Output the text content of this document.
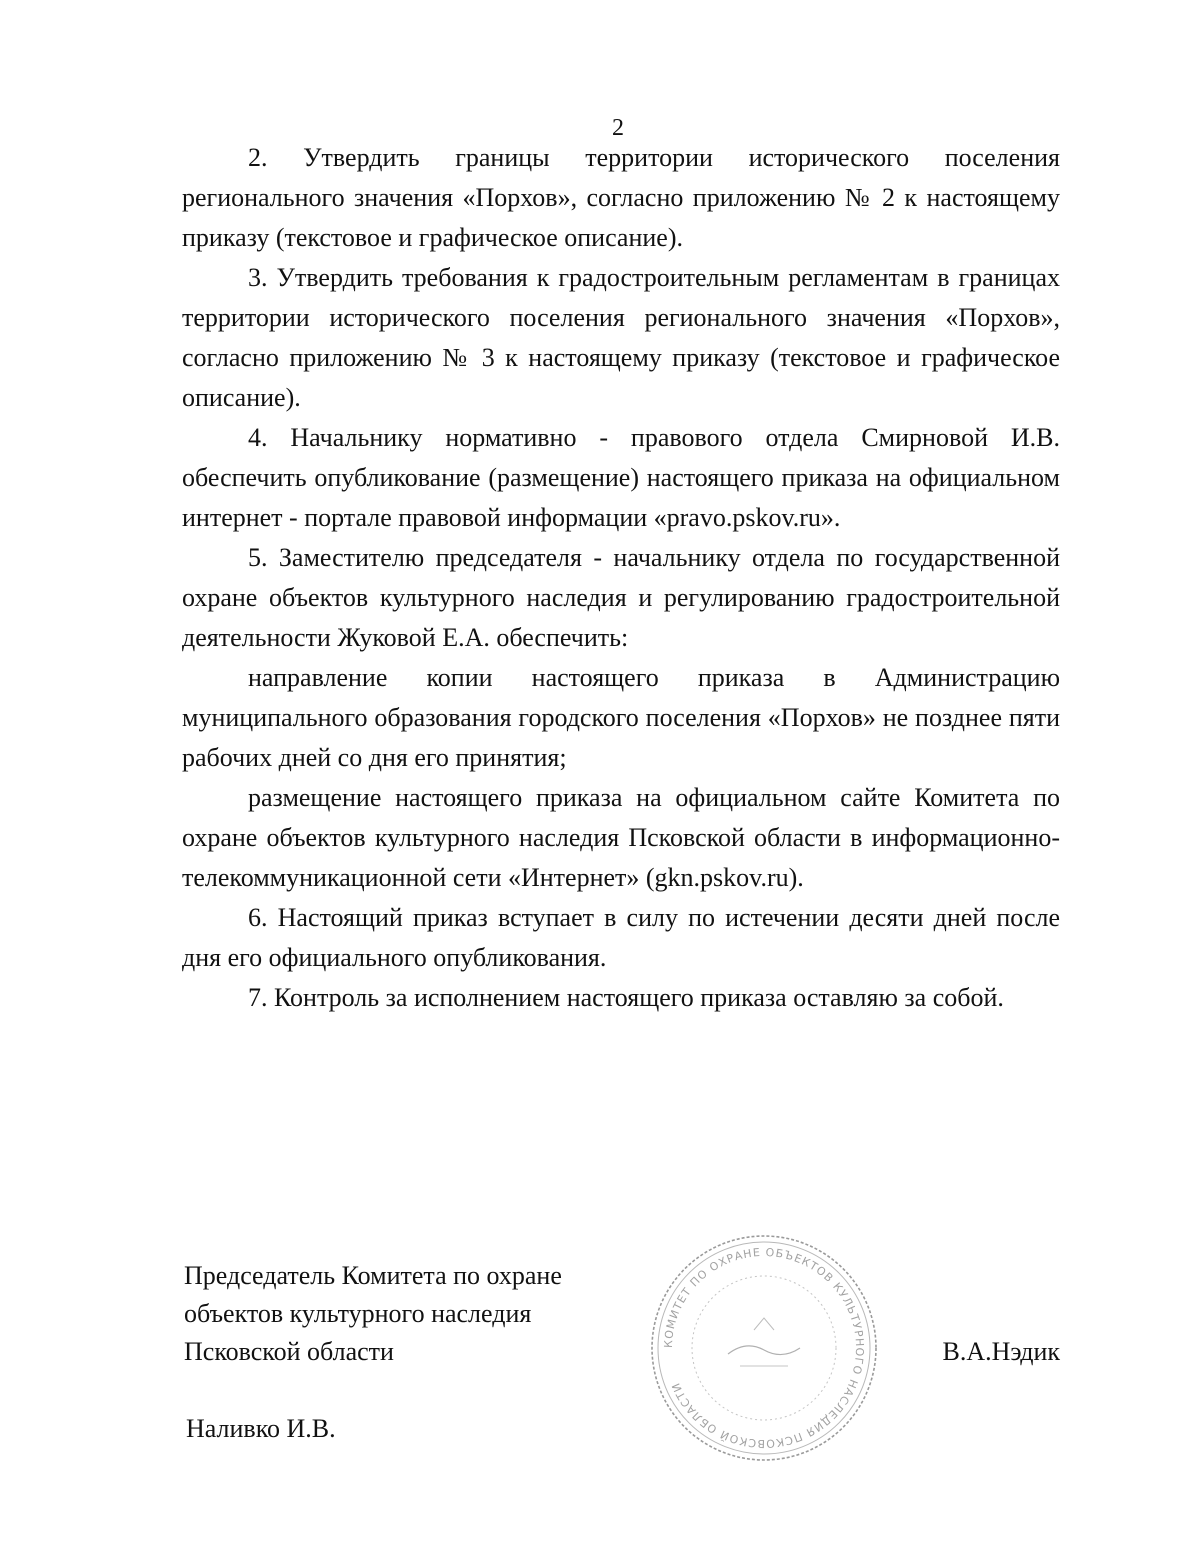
2

2. Утвердить границы территории исторического поселения регионального значения «Порхов», согласно приложению № 2 к настоящему приказу (текстовое и графическое описание).

3. Утвердить требования к градостроительным регламентам в границах территории исторического поселения регионального значения «Порхов», согласно приложению № 3 к настоящему приказу (текстовое и графическое описание).

4. Начальнику нормативно - правового отдела Смирновой И.В. обеспечить опубликование (размещение) настоящего приказа на официальном интернет - портале правовой информации «pravo.pskov.ru».

5. Заместителю председателя - начальнику отдела по государственной охране объектов культурного наследия и регулированию градостроительной деятельности Жуковой Е.А. обеспечить:

направление копии настоящего приказа в Администрацию муниципального образования городского поселения «Порхов» не позднее пяти рабочих дней со дня его принятия;

размещение настоящего приказа на официальном сайте Комитета по охране объектов культурного наследия Псковской области в информационно-телекоммуникационной сети «Интернет» (gkn.pskov.ru).

6. Настоящий приказ вступает в силу по истечении десяти дней после дня его официального опубликования.

7. Контроль за исполнением настоящего приказа оставляю за собой.

Председатель Комитета по охране
объектов культурного наследия
Псковской области	КОМИТЕТ ПО ОХРАНЕ ОБЪЕКТОВ КУЛЬТУРНОГО НАСЛЕДИЯ ПСКОВСКОЙ ОБЛАСТИ
В.А.Нэдик
Наливко И.В.
